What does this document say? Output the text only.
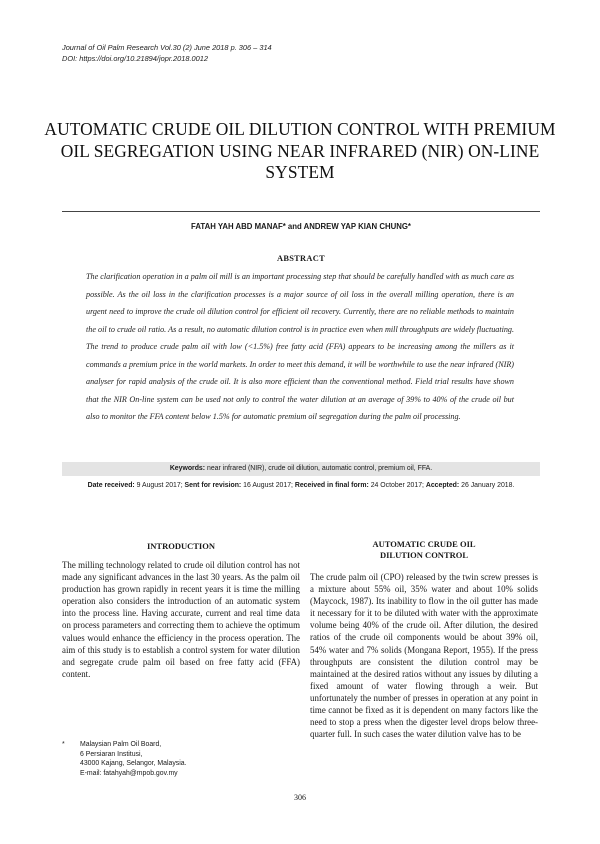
Journal of Oil Palm Research Vol.30 (2) June 2018 p. 306 – 314
DOI: https://doi.org/10.21894/jopr.2018.0012
AUTOMATIC CRUDE OIL DILUTION CONTROL WITH PREMIUM OIL SEGREGATION USING NEAR INFRARED (NIR) ON-LINE SYSTEM
FATAH YAH ABD MANAF* and ANDREW YAP KIAN CHUNG*
ABSTRACT
The clarification operation in a palm oil mill is an important processing step that should be carefully handled with as much care as possible. As the oil loss in the clarification processes is a major source of oil loss in the overall milling operation, there is an urgent need to improve the crude oil dilution control for efficient oil recovery. Currently, there are no reliable methods to maintain the oil to crude oil ratio. As a result, no automatic dilution control is in practice even when mill throughputs are widely fluctuating. The trend to produce crude palm oil with low (<1.5%) free fatty acid (FFA) appears to be increasing among the millers as it commands a premium price in the world markets. In order to meet this demand, it will be worthwhile to use the near infrared (NIR) analyser for rapid analysis of the crude oil. It is also more efficient than the conventional method. Field trial results have shown that the NIR On-line system can be used not only to control the water dilution at an average of 39% to 40% of the crude oil but also to monitor the FFA content below 1.5% for automatic premium oil segregation during the palm oil processing.
Keywords: near infrared (NIR), crude oil dilution, automatic control, premium oil, FFA.
Date received: 9 August 2017; Sent for revision: 16 August 2017; Received in final form: 24 October 2017; Accepted: 26 January 2018.
INTRODUCTION
The milling technology related to crude oil dilution control has not made any significant advances in the last 30 years. As the palm oil production has grown rapidly in recent years it is time the milling operation also considers the introduction of an automatic system into the process line. Having accurate, current and real time data on process parameters and correcting them to achieve the optimum values would enhance the efficiency in the process operation. The aim of this study is to establish a control system for water dilution and segregate crude palm oil based on free fatty acid (FFA) content.
AUTOMATIC CRUDE OIL
DILUTION CONTROL
The crude palm oil (CPO) released by the twin screw presses is a mixture about 55% oil, 35% water and about 10% solids (Maycock, 1987). Its inability to flow in the oil gutter has made it necessary for it to be diluted with water with the approximate volume being 40% of the crude oil. After dilution, the desired ratios of the crude oil components would be about 39% oil, 54% water and 7% solids (Mongana Report, 1955). If the press throughputs are consistent the dilution control may be maintained at the desired ratios without any issues by diluting a fixed amount of water flowing through a weir. But unfortunately the number of presses in operation at any point in time cannot be fixed as it is dependent on many factors like the need to stop a press when the digester level drops below three-quarter full. In such cases the water dilution valve has to be
* Malaysian Palm Oil Board,
6 Persiaran Institusi,
43000 Kajang, Selangor, Malaysia.
E-mail: fatahyah@mpob.gov.my
306
